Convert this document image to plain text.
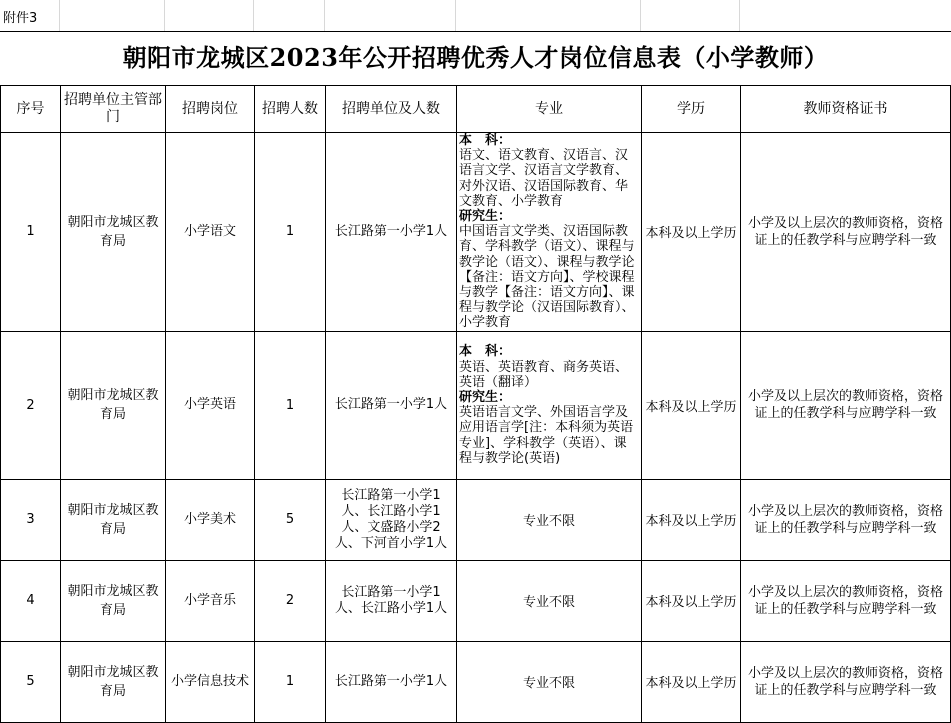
附件3
朝阳市龙城区2023年公开招聘优秀人才岗位信息表（小学教师）
序号	招聘单位主管部门	招聘岗位	招聘人数	招聘单位及人数	专业	学历	教师资格证书
1	朝阳市龙城区教育局	小学语文	1	长江路第一小学1人	本　科：
语文、语文教育、汉语言、汉语言文学、汉语言文学教育、对外汉语、汉语国际教育、华文教育、小学教育
研究生：
中国语言文学类、汉语国际教育、学科教学（语文）、课程与教学论（语文）、课程与教学论【备注：语文方向】、学校课程与教学【备注：语文方向】、课程与教学论（汉语国际教育）、小学教育	本科及以上学历	小学及以上层次的教师资格，资格证上的任教学科与应聘学科一致
2	朝阳市龙城区教育局	小学英语	1	长江路第一小学1人	本　科：
英语、英语教育、商务英语、英语（翻译）
研究生：
英语语言文学、外国语言学及应用语言学[注：本科须为英语专业]、学科教学（英语）、课程与教学论(英语)	本科及以上学历	小学及以上层次的教师资格，资格证上的任教学科与应聘学科一致
3	朝阳市龙城区教育局	小学美术	5	长江路第一小学1人、长江路小学1人、文盛路小学2人、下河首小学1人	专业不限	本科及以上学历	小学及以上层次的教师资格，资格证上的任教学科与应聘学科一致
4	朝阳市龙城区教育局	小学音乐	2	长江路第一小学1人、长江路小学1人	专业不限	本科及以上学历	小学及以上层次的教师资格，资格证上的任教学科与应聘学科一致
5	朝阳市龙城区教育局	小学信息技术	1	长江路第一小学1人	专业不限	本科及以上学历	小学及以上层次的教师资格，资格证上的任教学科与应聘学科一致
